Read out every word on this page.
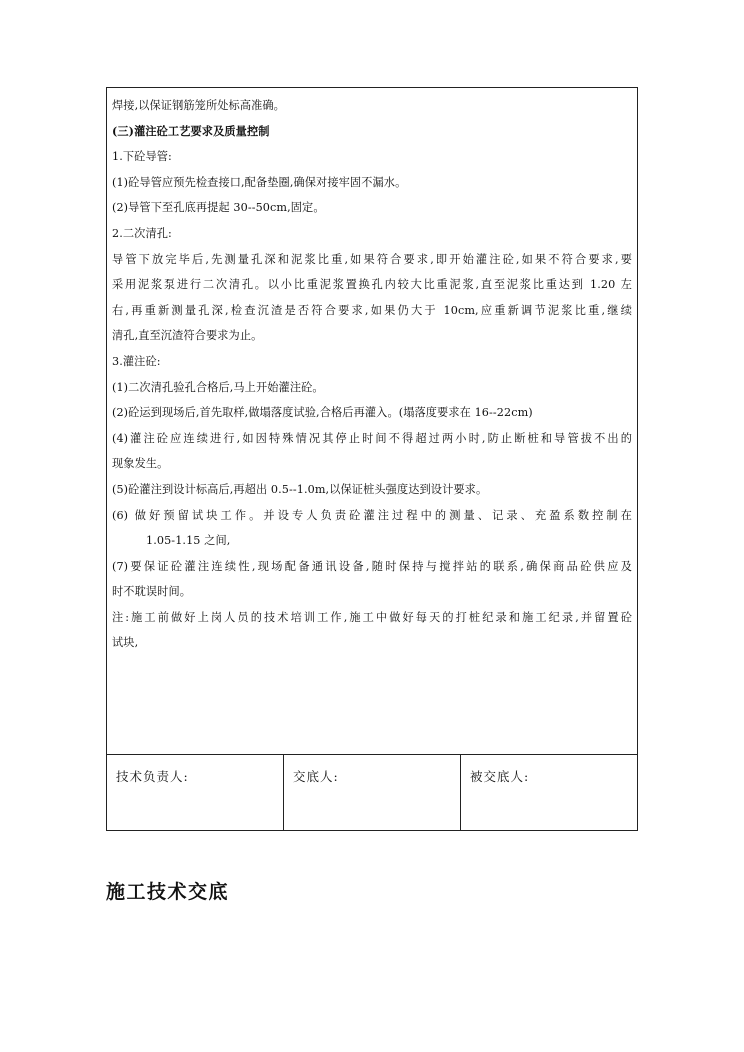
焊接,以保证钢筋笼所处标高准确。
(三)灌注砼工艺要求及质量控制
1.下砼导管:
(1)砼导管应预先检查接口,配备垫圈,确保对接牢固不漏水。
(2)导管下至孔底再提起 30--50cm,固定。
2.二次清孔:
导管下放完毕后,先测量孔深和泥浆比重,如果符合要求,即开始灌注砼,如果不符合要求,要
采用泥浆泵进行二次清孔。以小比重泥浆置换孔内较大比重泥浆,直至泥浆比重达到 1.20 左
右,再重新测量孔深,检查沉渣是否符合要求,如果仍大于 10cm,应重新调节泥浆比重,继续
清孔,直至沉渣符合要求为止。
3.灌注砼:
(1)二次清孔验孔合格后,马上开始灌注砼。
(2)砼运到现场后,首先取样,做塌落度试验,合格后再灌入。(塌落度要求在 16--22cm)
(4)灌注砼应连续进行,如因特殊情况其停止时间不得超过两小时,防止断桩和导管拔不出的
现象发生。
(5)砼灌注到设计标高后,再超出 0.5--1.0m,以保证桩头强度达到设计要求。
(6) 做好预留试块工作。并设专人负责砼灌注过程中的测量、记录、充盈系数控制在
1.05-1.15 之间,
(7)要保证砼灌注连续性,现场配备通讯设备,随时保持与搅拌站的联系,确保商品砼供应及
时不耽误时间。
注:施工前做好上岗人员的技术培训工作,施工中做好每天的打桩纪录和施工纪录,并留置砼
试块,
技术负责人:	交底人:	被交底人:
施工技术交底
